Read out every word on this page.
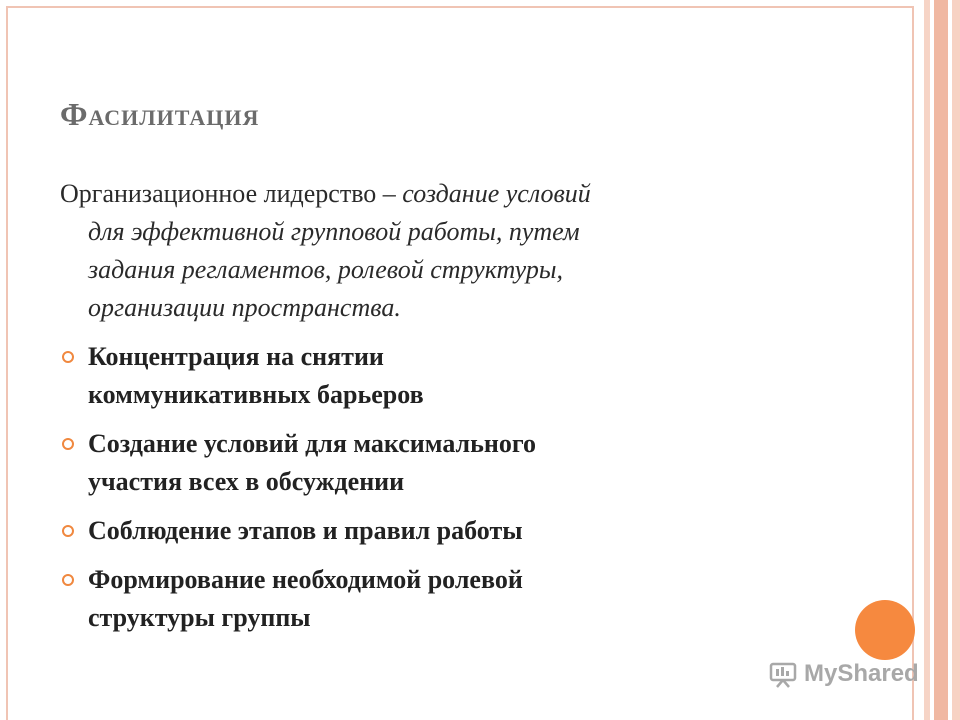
Фасилитация
Организационное лидерство – создание условий
для эффективной групповой работы, путем
задания регламентов, ролевой структуры,
организации пространства.
Концентрация на снятии
коммуникативных барьеров
Создание условий для максимального
участия всех в обсуждении
Соблюдение этапов и правил работы
Формирование необходимой ролевой
структуры группы
MyShared
